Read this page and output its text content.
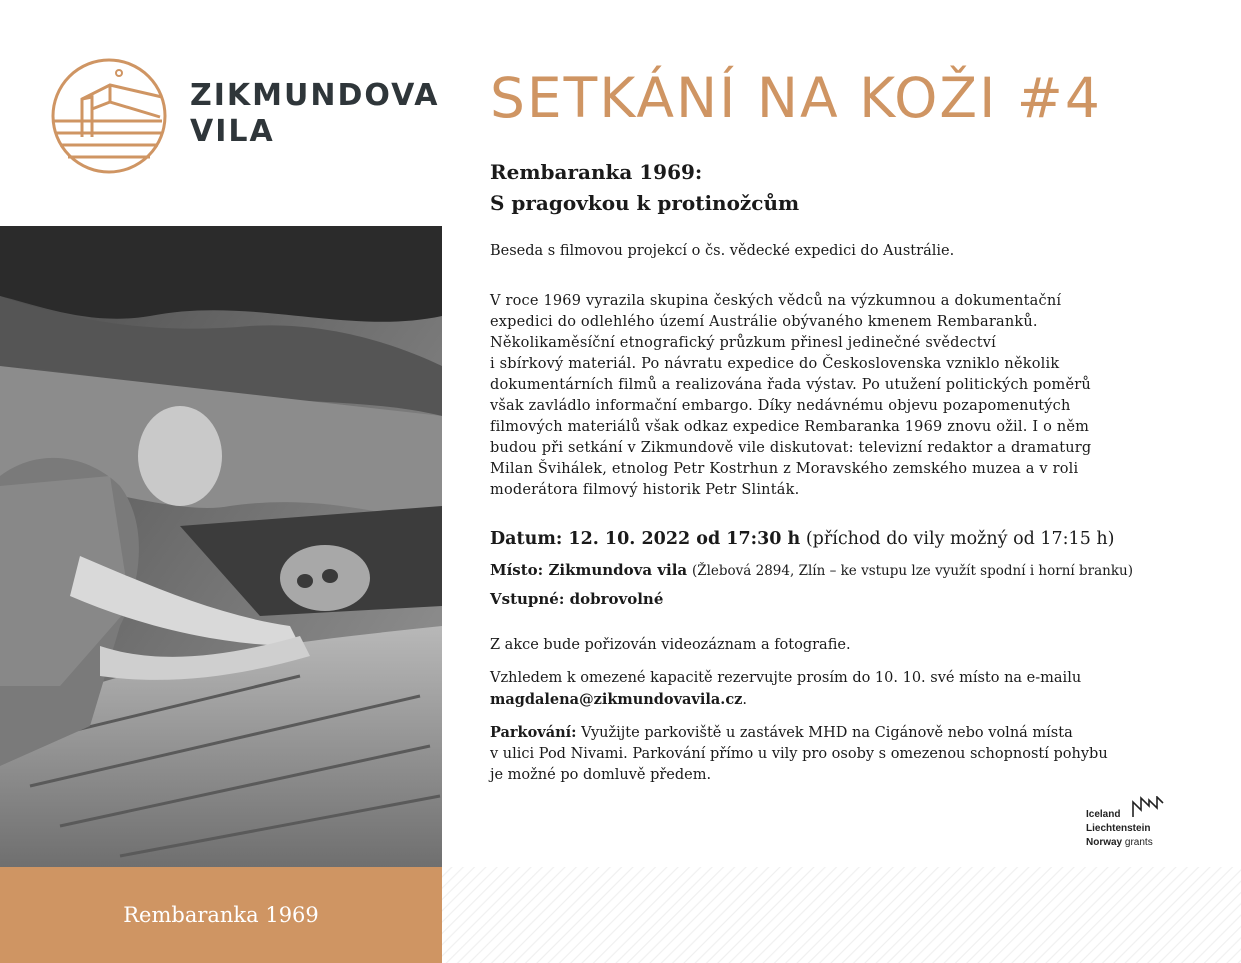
ZIKMUNDOVA
VILA
Rembaranka 1969
SETKÁNÍ NA KOŽI #4
Rembaranka 1969:
S pragovkou k protinožcům
Beseda s filmovou projekcí o čs. vědecké expedici do Austrálie.
V roce 1969 vyrazila skupina českých vědců na výzkumnou a dokumentační
expedici do odlehlého území Austrálie obývaného kmenem Rembaranků.
Několikaměsíční etnografický průzkum přinesl jedinečné svědectví
i sbírkový materiál. Po návratu expedice do Československa vzniklo několik
dokumentárních filmů a realizována řada výstav. Po utužení politických poměrů
však zavládlo informační embargo. Díky nedávnému objevu pozapomenutých
filmových materiálů však odkaz expedice Rembaranka 1969 znovu ožil. I o něm
budou při setkání v Zikmundově vile diskutovat: televizní redaktor a dramaturg
Milan Švihálek, etnolog Petr Kostrhun z Moravského zemského muzea a v roli
moderátora filmový historik Petr Slinták.
Datum: 12. 10. 2022 od 17:30 h (příchod do vily možný od 17:15 h)
Místo: Zikmundova vila (Žlebová 2894, Zlín – ke vstupu lze využít spodní i horní branku)
Vstupné: dobrovolné
Z akce bude pořizován videozáznam a fotografie.
Vzhledem k omezené kapacitě rezervujte prosím do 10. 10. své místo na e-mailu
magdalena@zikmundovavila.cz.
Parkování: Využijte parkoviště u zastávek MHD na Cigánově nebo volná místa
v ulici Pod Nivami. Parkování přímo u vily pro osoby s omezenou schopností pohybu
je možné po domluvě předem.
Iceland
Liechtenstein
Norway grants
